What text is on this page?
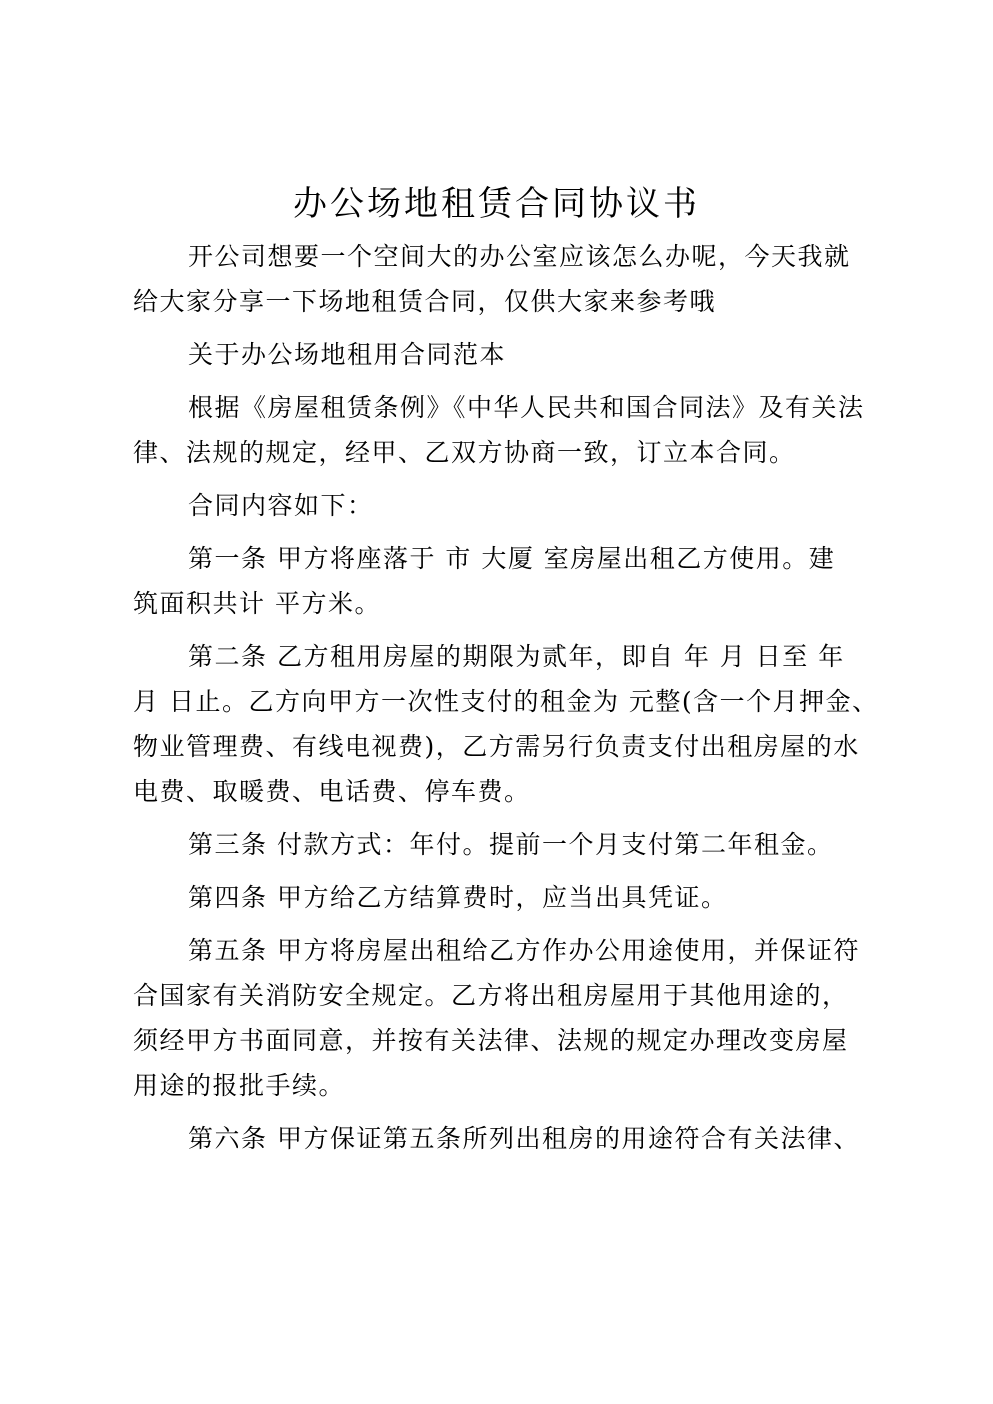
办公场地租赁合同协议书

开公司想要一个空间大的办公室应该怎么办呢，今天我就
给大家分享一下场地租赁合同，仅供大家来参考哦

关于办公场地租用合同范本

根据《房屋租赁条例》《中华人民共和国合同法》及有关法
律、法规的规定，经甲、乙双方协商一致，订立本合同。

合同内容如下：

第一条 甲方将座落于 市 大厦 室房屋出租乙方使用。建
筑面积共计 平方米。

第二条 乙方租用房屋的期限为贰年，即自 年 月 日至 年
月 日止。乙方向甲方一次性支付的租金为 元整(含一个月押金、
物业管理费、有线电视费)，乙方需另行负责支付出租房屋的水
电费、取暖费、电话费、停车费。

第三条 付款方式：年付。提前一个月支付第二年租金。

第四条 甲方给乙方结算费时，应当出具凭证。

第五条 甲方将房屋出租给乙方作办公用途使用，并保证符
合国家有关消防安全规定。乙方将出租房屋用于其他用途的，
须经甲方书面同意，并按有关法律、法规的规定办理改变房屋
用途的报批手续。

第六条 甲方保证第五条所列出租房的用途符合有关法律、
